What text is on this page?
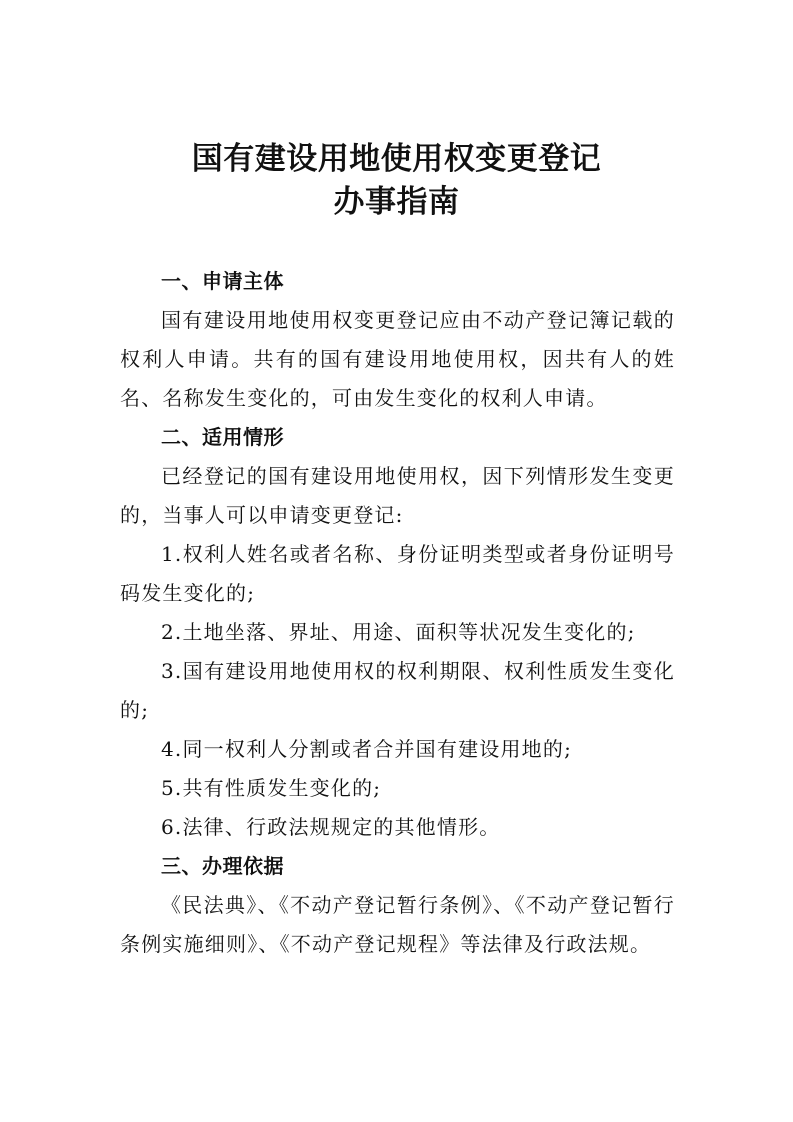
国有建设用地使用权变更登记
办事指南

一、申请主体

国有建设用地使用权变更登记应由不动产登记簿记载的权利人申请。共有的国有建设用地使用权，因共有人的姓名、名称发生变化的，可由发生变化的权利人申请。

二、适用情形

已经登记的国有建设用地使用权，因下列情形发生变更的，当事人可以申请变更登记:

1.权利人姓名或者名称、身份证明类型或者身份证明号码发生变化的;

2.土地坐落、界址、用途、面积等状况发生变化的;

3.国有建设用地使用权的权利期限、权利性质发生变化的;

4.同一权利人分割或者合并国有建设用地的;

5.共有性质发生变化的;

6.法律、行政法规规定的其他情形。

三、办理依据

《民法典》、《不动产登记暂行条例》、《不动产登记暂行条例实施细则》、《不动产登记规程》等法律及行政法规。
